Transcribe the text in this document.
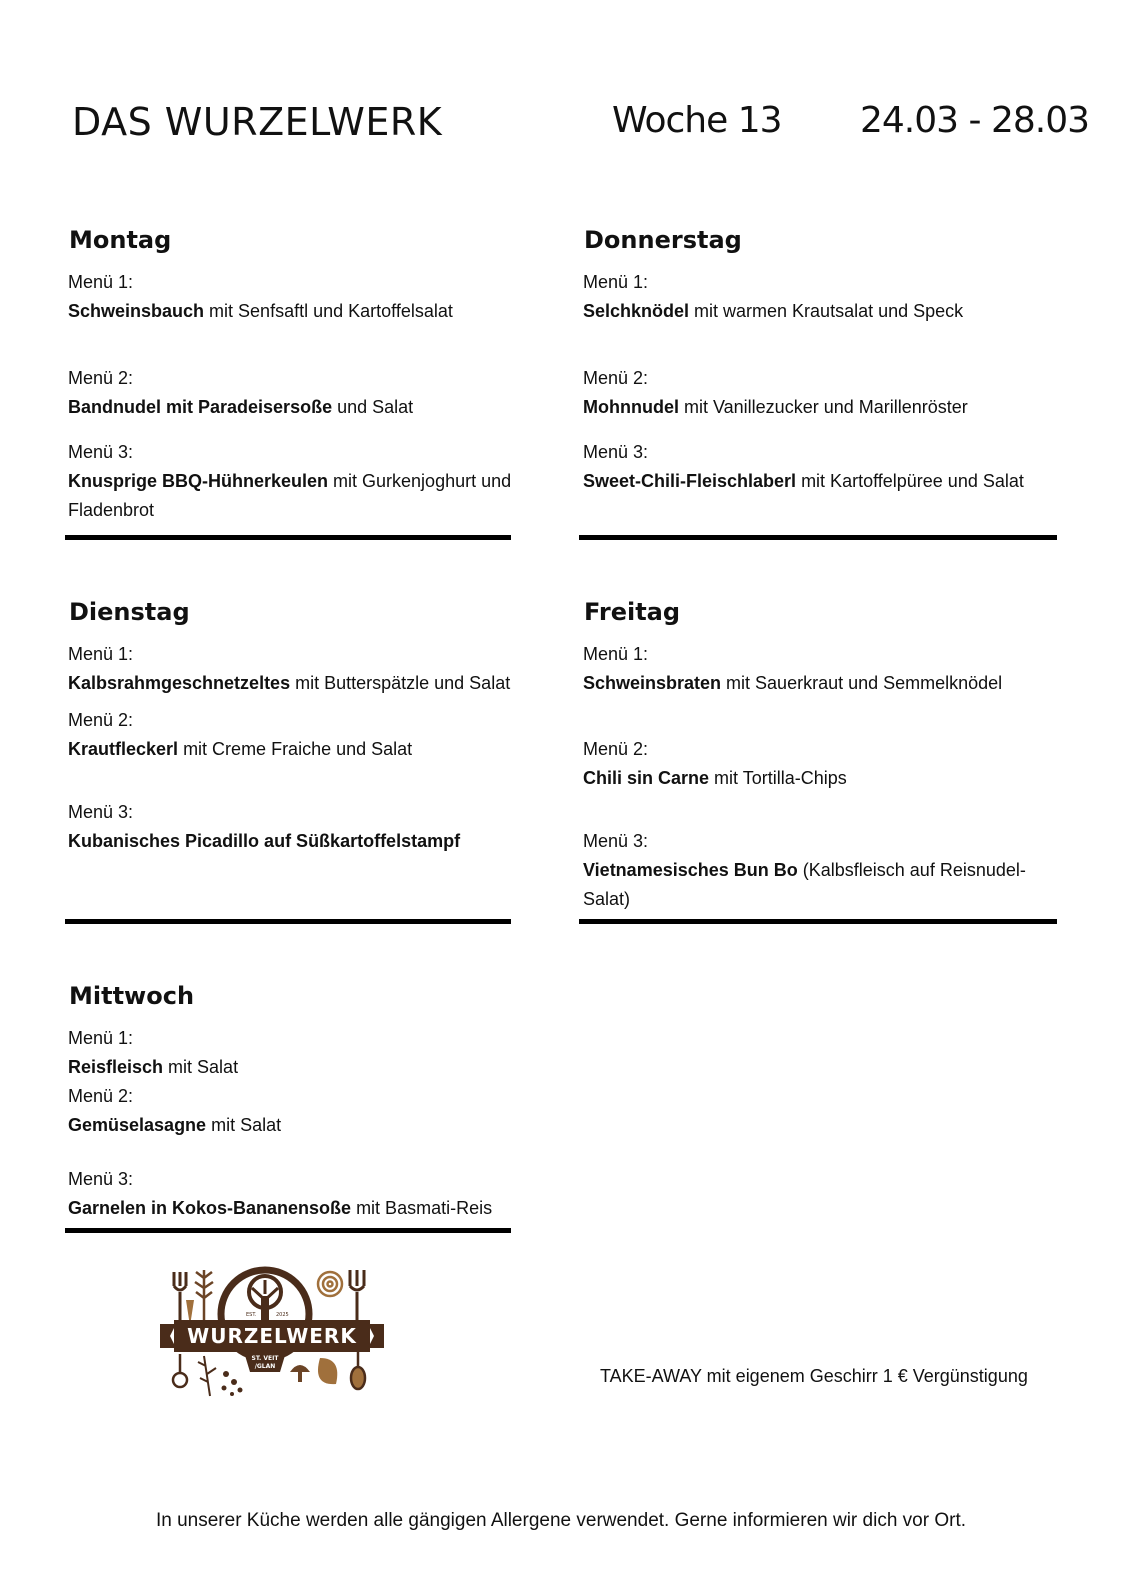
DAS WURZELWERK	Woche 13 24.03 - 28.03
Montag
Menü 1:
Schweinsbauch mit Senfsaftl und Kartoffelsalat
Menü 2:
Bandnudel mit Paradeisersoße und Salat
Menü 3:
Knusprige BBQ-Hühnerkeulen mit Gurkenjoghurt und Fladenbrot
Dienstag
Menü 1:
Kalbsrahmgeschnetzeltes mit Butterspätzle und Salat
Menü 2:
Krautfleckerl mit Creme Fraiche und Salat
Menü 3:
Kubanisches Picadillo auf Süßkartoffelstampf
Mittwoch
Menü 1:
Reisfleisch mit Salat
Menü 2:
Gemüselasagne mit Salat
Menü 3:
Garnelen in Kokos-Bananensoße mit Basmati-Reis
Donnerstag
Menü 1:
Selchknödel mit warmen Krautsalat und Speck
Menü 2:
Mohnnudel mit Vanillezucker und Marillenröster
Menü 3:
Sweet-Chili-Fleischlaberl mit Kartoffelpüree und Salat
Freitag
Menü 1:
Schweinsbraten mit Sauerkraut und Semmelknödel
Menü 2:
Chili sin Carne mit Tortilla-Chips
Menü 3:
Vietnamesisches Bun Bo (Kalbsfleisch auf Reisnudel-Salat)
TAKE-AWAY mit eigenem Geschirr 1 € Vergünstigung
EST.	2025
WURZELWERK
ST. VEIT
/GLAN
In unserer Küche werden alle gängigen Allergene verwendet. Gerne informieren wir dich vor Ort.
